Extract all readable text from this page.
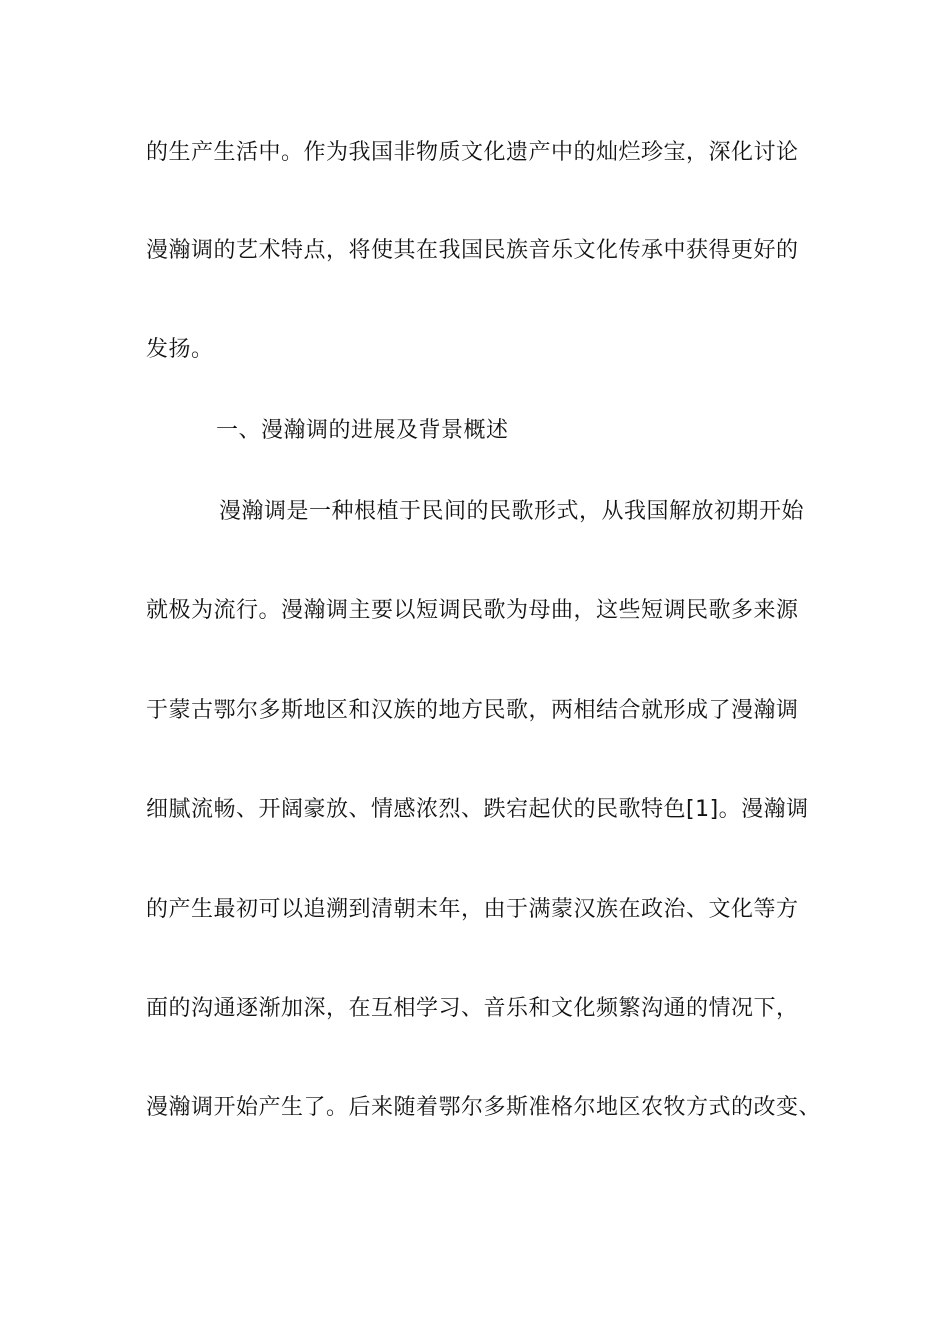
的生产生活中。作为我国非物质文化遗产中的灿烂珍宝，深化讨论
漫瀚调的艺术特点，将使其在我国民族音乐文化传承中获得更好的
发扬。
一、漫瀚调的进展及背景概述
漫瀚调是一种根植于民间的民歌形式，从我国解放初期开始
就极为流行。漫瀚调主要以短调民歌为母曲，这些短调民歌多来源
于蒙古鄂尔多斯地区和汉族的地方民歌，两相结合就形成了漫瀚调
细腻流畅、开阔豪放、情感浓烈、跌宕起伏的民歌特色[1]。漫瀚调
的产生最初可以追溯到清朝末年，由于满蒙汉族在政治、文化等方
面的沟通逐渐加深，在互相学习、音乐和文化频繁沟通的情况下，
漫瀚调开始产生了。后来随着鄂尔多斯准格尔地区农牧方式的改变、
